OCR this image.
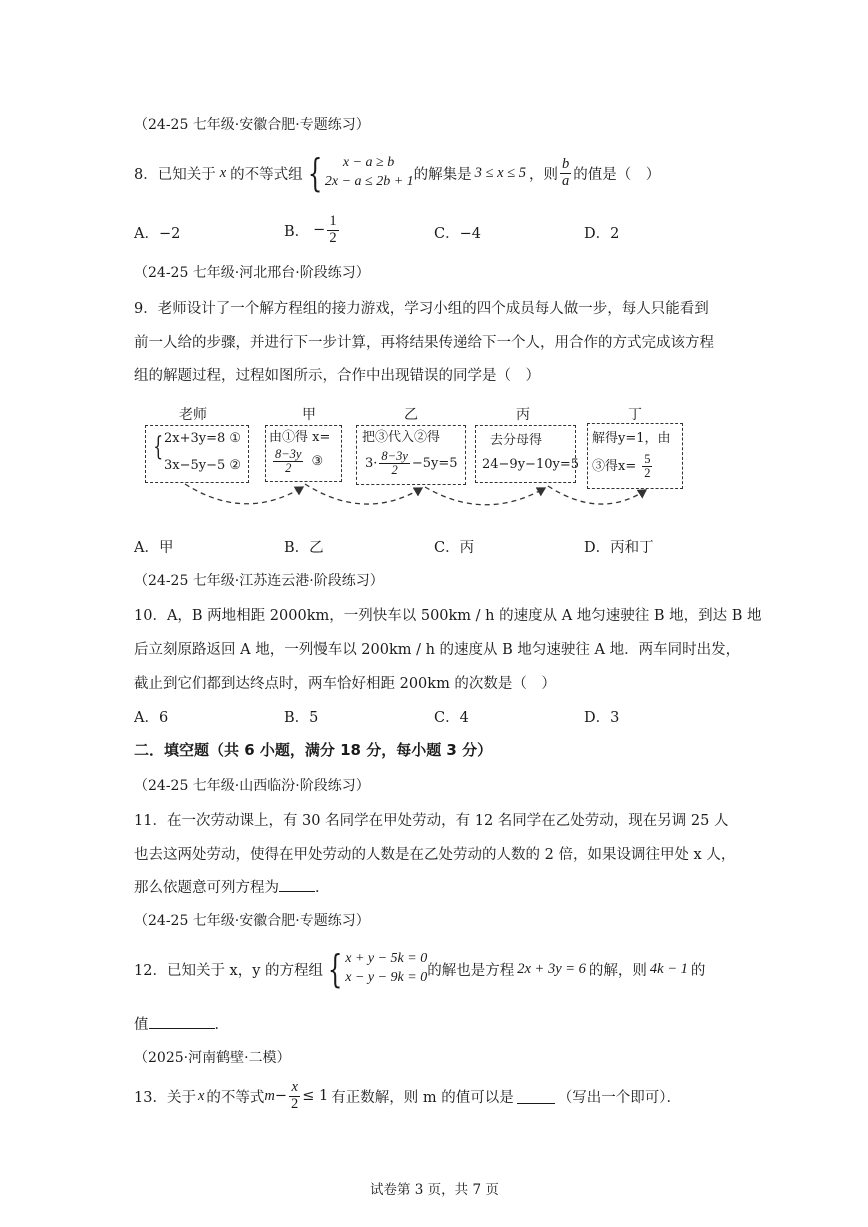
（24-25 七年级·安徽合肥·专题练习）
8．已知关于 x 的不等式组 {	x − a ≥ b
2x − a ≤ 2b + 1 的解集是 3 ≤ x ≤ 5 ，则 $\frac{b}{a}$ 的值是（　）
A．−2	B． − $\frac{1}{2}$	C．−4	D．2
（24-25 七年级·河北邢台·阶段练习）
9．老师设计了一个解方程组的接力游戏，学习小组的四个成员每人做一步，每人只能看到
前一人给的步骤，并进行下一步计算，再将结果传递给下一个人，用合作的方式完成该方程
组的解题过程，过程如图所示，合作中出现错误的同学是（　）
老师	甲	乙	丙	丁
{ 2x+3y=8 ①
3x−5y−5 ②
由①得 x=
$\frac{8-3y}{2}$ ③
把③代入②得
$3\cdot \frac{8-3y}{2} -5y=5$
去分母得
24−9y−10y=5
解得y=1，由
③得$x= \frac{5}{2}$
A．甲	B．乙	C．丙	D．丙和丁
（24-25 七年级·江苏连云港·阶段练习）
10．A，B 两地相距 2000km，一列快车以 500km / h 的速度从 A 地匀速驶往 B 地，到达 B 地
后立刻原路返回 A 地，一列慢车以 200km / h 的速度从 B 地匀速驶往 A 地．两车同时出发，
截止到它们都到达终点时，两车恰好相距 200km 的次数是（　）
A．6	B．5	C．4	D．3
二．填空题（共 6 小题，满分 18 分，每小题 3 分）
（24-25 七年级·山西临汾·阶段练习）
11．在一次劳动课上，有 30 名同学在甲处劳动，有 12 名同学在乙处劳动，现在另调 25 人
也去这两处劳动，使得在甲处劳动的人数是在乙处劳动的人数的 2 倍，如果设调往甲处 x 人，
那么依题意可列方程为 ．
（24-25 七年级·安徽合肥·专题练习）
12．已知关于 x，y 的方程组 { x + y − 5k = 0
x − y − 9k = 0 的解也是方程 2x + 3y = 6 的解，则 4k − 1 的
值	．
（2025·河南鹤壁·二模）
13．关于 x 的不等式 $m - \frac{x}{2} \le 1$ 有正数解，则 m 的值可以是	（写出一个即可）．
试卷第 3 页，共 7 页
